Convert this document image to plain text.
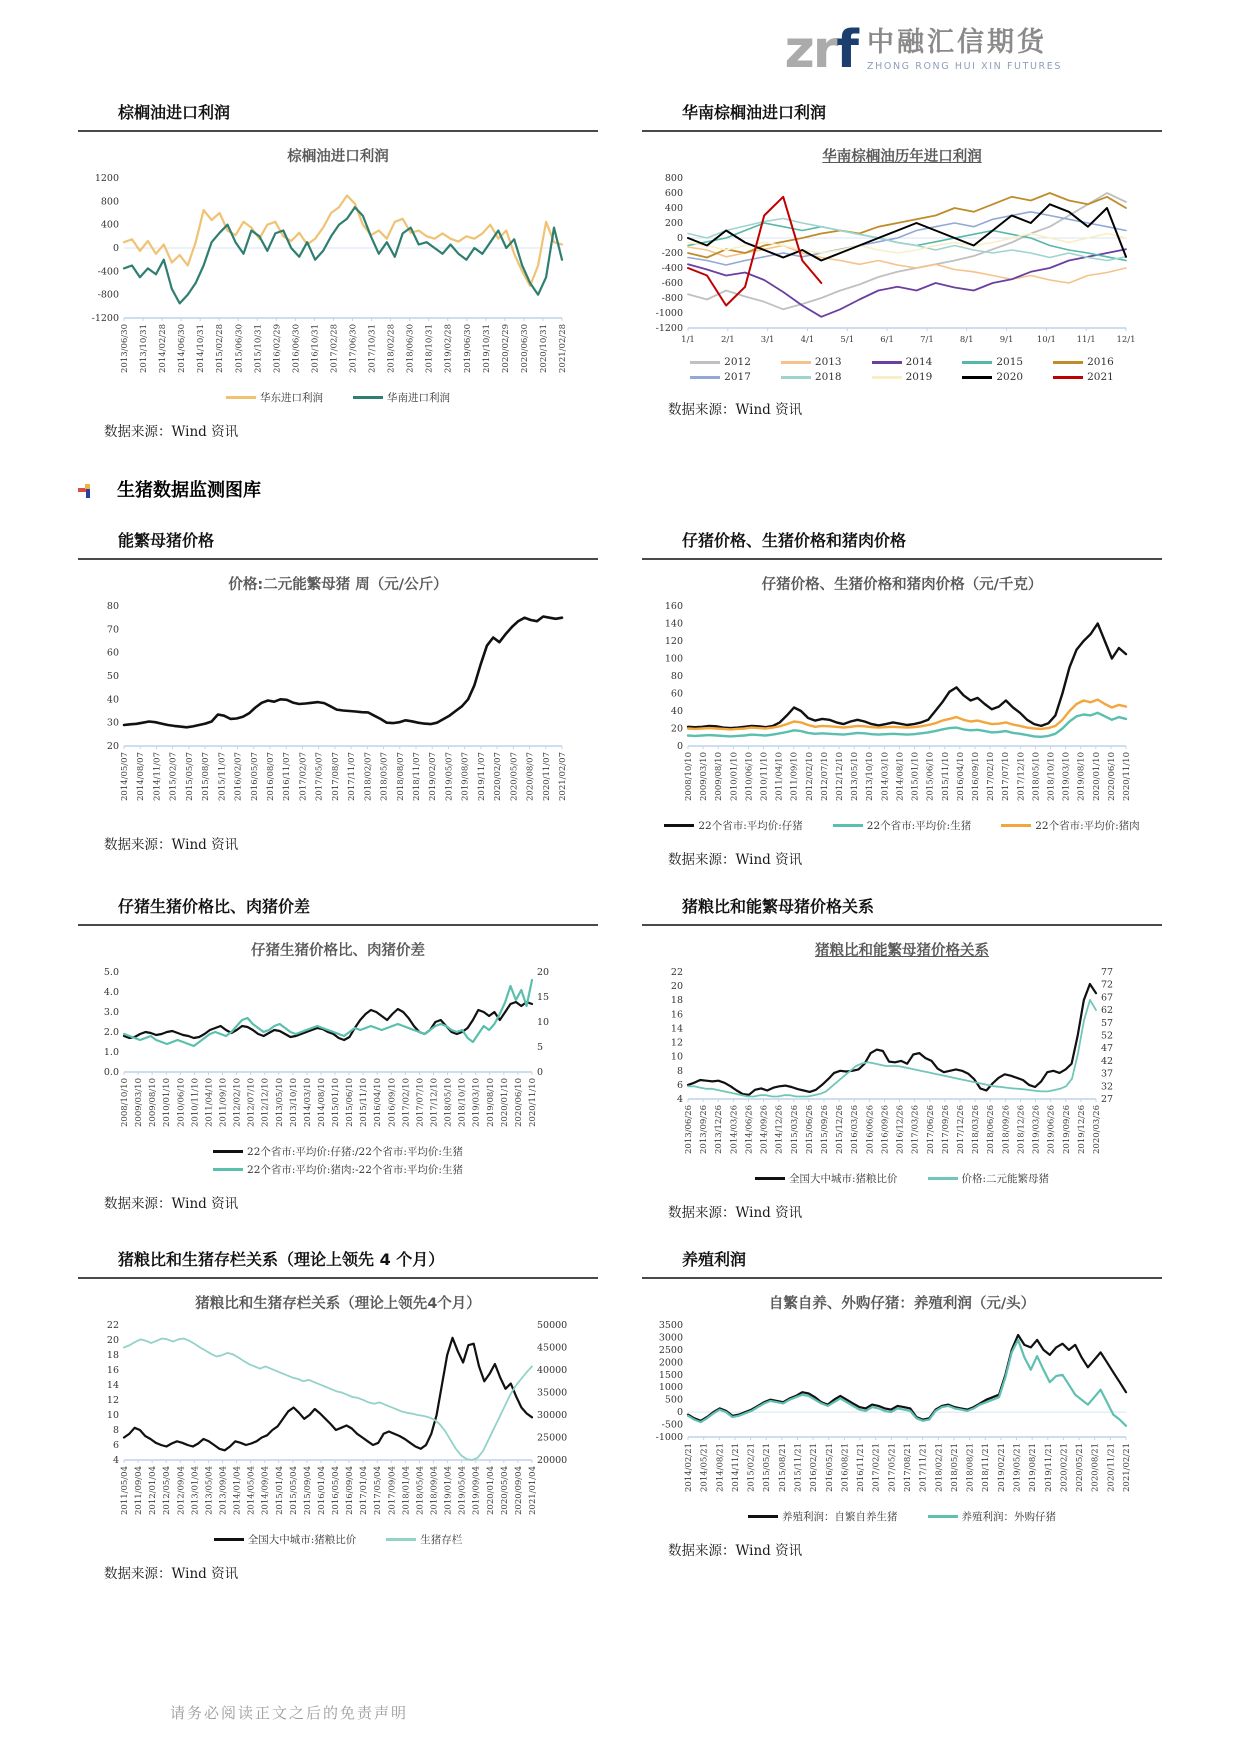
zrf 中融汇信期货
ZHONG RONG HUI XIN FUTURES
棕榈油进口利润
棕榈油进口利润
1200
800
400
0
-400
-800
-1200
2013/06/30 2013/10/31 2014/02/28 2014/06/30 2014/10/31 2015/02/28 2015/06/30 2015/10/31 2016/02/29 2016/06/30 2016/10/31 2017/02/28 2017/06/30 2017/10/31 2018/02/28 2018/06/30 2018/10/31 2019/02/28 2019/06/30 2019/10/31 2020/02/29 2020/06/30 2020/10/31 2021/02/28
华东进口利润	华南进口利润
数据来源：Wind 资讯
华南棕榈油进口利润
华南棕榈油历年进口利润
800
600
400
200
0
-200
-400
-600
-800
-1000
-1200
1/1	2/1	3/1	4/1	5/1	6/1	7/1	8/1	9/1	10/1 11/1 12/1
2012	2013	2014	2015	2016
2017	2018	2019	2020	2021
数据来源：Wind 资讯
生猪数据监测图库
能繁母猪价格
价格:二元能繁母猪 周（元/公斤）
80
70
60
50
40
30
20
2014/05/07 2014/08/07 2014/11/07 2015/02/07 2015/05/07 2015/08/07 2015/11/07 2016/02/07 2016/05/07 2016/08/07 2016/11/07 2017/02/07 2017/05/07 2017/08/07 2017/11/07 2018/02/07 2018/05/07 2018/08/07 2018/11/07 2019/02/07 2019/05/07 2019/08/07 2019/11/07 2020/02/07 2020/05/07 2020/08/07 2020/11/07 2021/02/07
数据来源：Wind 资讯
仔猪价格、生猪价格和猪肉价格
仔猪价格、生猪价格和猪肉价格（元/千克）
160
140
120
100
80
60
40
20
0
2008/10/10 2009/03/10 2009/08/10 2010/01/10 2010/06/10 2010/11/10 2011/04/10 2011/09/10 2012/02/10 2012/07/10 2012/12/10 2013/05/10 2013/10/10 2014/03/10 2014/08/10 2015/01/10 2015/06/10 2015/11/10 2016/04/10 2016/09/10 2017/02/10 2017/07/10 2017/12/10 2018/05/10 2018/10/10 2019/03/10 2019/08/10 2020/01/10 2020/06/10 2020/11/10
22个省市:平均价:仔猪	22个省市:平均价:生猪	22个省市:平均价:猪肉
数据来源：Wind 资讯
仔猪生猪价格比、肉猪价差
仔猪生猪价格比、肉猪价差
5.0
4.0
3.0
2.0
1.0
0.0
20
15
10
5
0
2008/10/10 2009/03/10 2009/08/10 2010/01/10 2010/06/10 2010/11/10 2011/04/10 2011/09/10 2012/02/10 2012/07/10 2012/12/10 2013/05/10 2013/10/10 2014/03/10 2014/08/10 2015/01/10 2015/06/10 2015/11/10 2016/04/10 2016/09/10 2017/02/10 2017/07/10 2017/12/10 2018/05/10 2018/10/10 2019/03/10 2019/08/10 2020/01/10 2020/06/10 2020/11/10
22个省市:平均价:仔猪:/22个省市:平均价:生猪
22个省市:平均价:猪肉:-22个省市:平均价:生猪
数据来源：Wind 资讯
猪粮比和能繁母猪价格关系
猪粮比和能繁母猪价格关系
22
20
18
16
14
12
10
8
6
4
77
72
67
62
57
52
47
42
37
32
27
2013/06/26 2013/09/26 2013/12/26 2014/03/26 2014/06/26 2014/09/26 2014/12/26 2015/03/26 2015/06/26 2015/09/26 2015/12/26 2016/03/26 2016/06/26 2016/09/26 2016/12/26 2017/03/26 2017/06/26 2017/09/26 2017/12/26 2018/03/26 2018/06/26 2018/09/26 2018/12/26 2019/03/26 2019/06/26 2019/09/26 2019/12/26 2020/03/26
全国大中城市:猪粮比价	价格:二元能繁母猪
数据来源：Wind 资讯
猪粮比和生猪存栏关系（理论上领先 4 个月）
猪粮比和生猪存栏关系（理论上领先4个月）
22
20
18
16
14
12
10
8
6
4
50000
45000
40000
35000
30000
25000
20000
2011/05/04 2011/09/04 2012/01/04 2012/05/04 2012/09/04 2013/01/04 2013/05/04 2013/09/04 2014/01/04 2014/05/04 2014/09/04 2015/01/04 2015/05/04 2015/09/04 2016/01/04 2016/05/04 2016/09/04 2017/01/04 2017/05/04 2017/09/04 2018/01/04 2018/05/04 2018/09/04 2019/01/04 2019/05/04 2019/09/04 2020/01/04 2020/05/04 2020/09/04 2021/01/04
全国大中城市:猪粮比价	生猪存栏
数据来源：Wind 资讯
养殖利润
自繁自养、外购仔猪：养殖利润（元/头）
3500
3000
2500
2000
1500
1000
500
0
-500
-1000
2014/02/21 2014/05/21 2014/08/21 2014/11/21 2015/02/21 2015/05/21 2015/08/21 2015/11/21 2016/02/21 2016/05/21 2016/08/21 2016/11/21 2017/02/21 2017/05/21 2017/08/21 2017/11/21 2018/02/21 2018/05/21 2018/08/21 2018/11/21 2019/02/21 2019/05/21 2019/08/21 2019/11/21 2020/02/21 2020/05/21 2020/08/21 2020/11/21 2021/02/21
养殖利润：自繁自养生猪	养殖利润：外购仔猪
数据来源：Wind 资讯
请务必阅读正文之后的免责声明
